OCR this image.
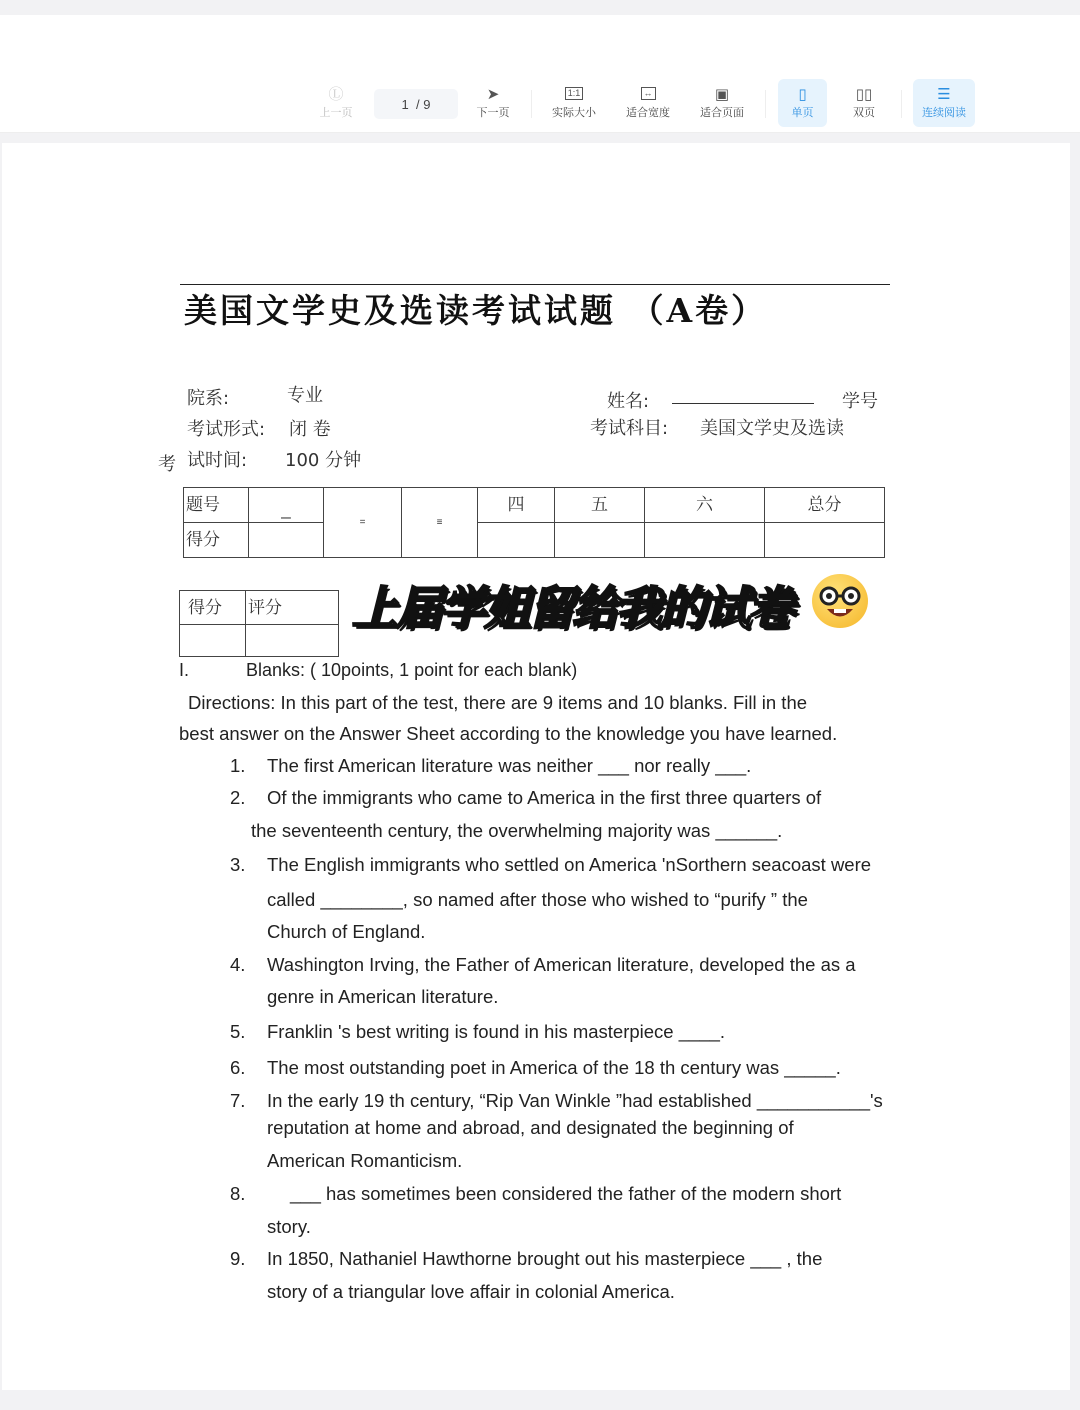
Ⓛ
上一页
1
/ 9
➤
下一页
1:1
实际大小
↔
适合宽度
▣
适合页面
▯
单页
▯▯
双页
☰
连续阅读
美国文学史及选读考试试题 （A卷）
院系:	专业	姓名:	学号
考试形式: 闭 卷	考试科目: 美国文学史及选读
考 试时间: 100 分钟
题号	_	=	≡	四	五	六	总分
得分							
得分	评分
	上届学姐留给我的试卷
I.	Blanks: ( 10points, 1 point for each blank)
Directions: In this part of the test, there are 9 items and 10 blanks. Fill in the
best answer on the Answer Sheet according to the knowledge you have learned.
1. The first American literature was neither ___ nor really ___.
2. Of the immigrants who came to America in the first three quarters of
the seventeenth century, the overwhelming majority was ______.
3. The English immigrants who settled on America 'nSorthern seacoast were
called ________, so named after those who wished to “purify ” the
Church of England.
4. Washington Irving, the Father of American literature, developed the as a
genre in American literature.
5. Franklin 's best writing is found in his masterpiece ____.
6. The most outstanding poet in America of the 18 th century was _____.
7. In the early 19 th century, “Rip Van Winkle ”had established ___________'s
reputation at home and abroad, and designated the beginning of
American Romanticism.
8. ___ has sometimes been considered the father of the modern short
story.
9. In 1850, Nathaniel Hawthorne brought out his masterpiece ___ , the
story of a triangular love affair in colonial America.
